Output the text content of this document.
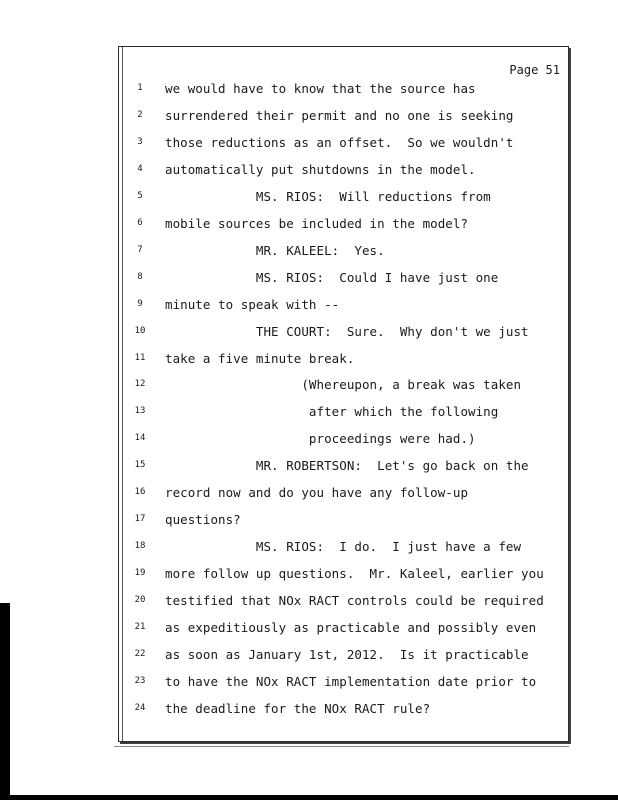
Page 51
1	we would have to know that the source has
2	surrendered their permit and no one is seeking
3	those reductions as an offset.  So we wouldn't
4	automatically put shutdowns in the model.
5	MS. RIOS:  Will reductions from
6	mobile sources be included in the model?
7	MR. KALEEL:  Yes.
8	MS. RIOS:  Could I have just one
9	minute to speak with --
10	THE COURT:  Sure.  Why don't we just
11	take a five minute break.
12	(Whereupon, a break was taken
13	after which the following
14	proceedings were had.)
15	MR. ROBERTSON:  Let's go back on the
16	record now and do you have any follow-up
17	questions?
18	MS. RIOS:  I do.  I just have a few
19	more follow up questions.  Mr. Kaleel, earlier you
20	testified that NOx RACT controls could be required
21	as expeditiously as practicable and possibly even
22	as soon as January 1st, 2012.  Is it practicable
23	to have the NOx RACT implementation date prior to
24	the deadline for the NOx RACT rule?
